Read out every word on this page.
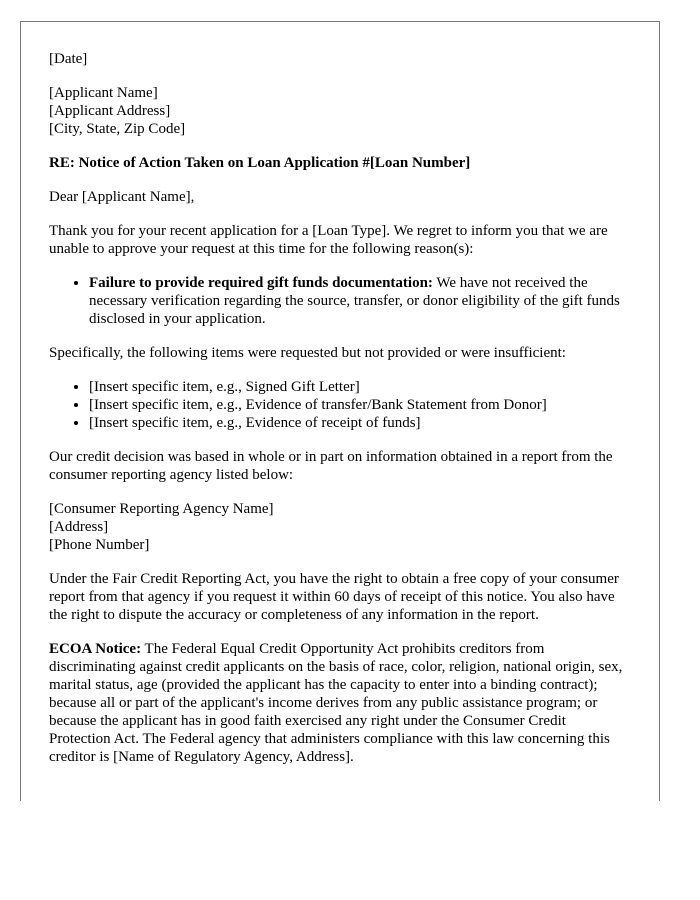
[Date]

[Applicant Name]
[Applicant Address]
[City, State, Zip Code]

RE: Notice of Action Taken on Loan Application #[Loan Number]

Dear [Applicant Name],

Thank you for your recent application for a [Loan Type]. We regret to inform you that we are unable to approve your request at this time for the following reason(s):

• Failure to provide required gift funds documentation: We have not received the necessary verification regarding the source, transfer, or donor eligibility of the gift funds disclosed in your application.

Specifically, the following items were requested but not provided or were insufficient:

• [Insert specific item, e.g., Signed Gift Letter]
• [Insert specific item, e.g., Evidence of transfer/Bank Statement from Donor]
• [Insert specific item, e.g., Evidence of receipt of funds]

Our credit decision was based in whole or in part on information obtained in a report from the consumer reporting agency listed below:

[Consumer Reporting Agency Name]
[Address]
[Phone Number]

Under the Fair Credit Reporting Act, you have the right to obtain a free copy of your consumer report from that agency if you request it within 60 days of receipt of this notice. You also have the right to dispute the accuracy or completeness of any information in the report.

ECOA Notice: The Federal Equal Credit Opportunity Act prohibits creditors from discriminating against credit applicants on the basis of race, color, religion, national origin, sex, marital status, age (provided the applicant has the capacity to enter into a binding contract); because all or part of the applicant's income derives from any public assistance program; or because the applicant has in good faith exercised any right under the Consumer Credit Protection Act. The Federal agency that administers compliance with this law concerning this creditor is [Name of Regulatory Agency, Address].
